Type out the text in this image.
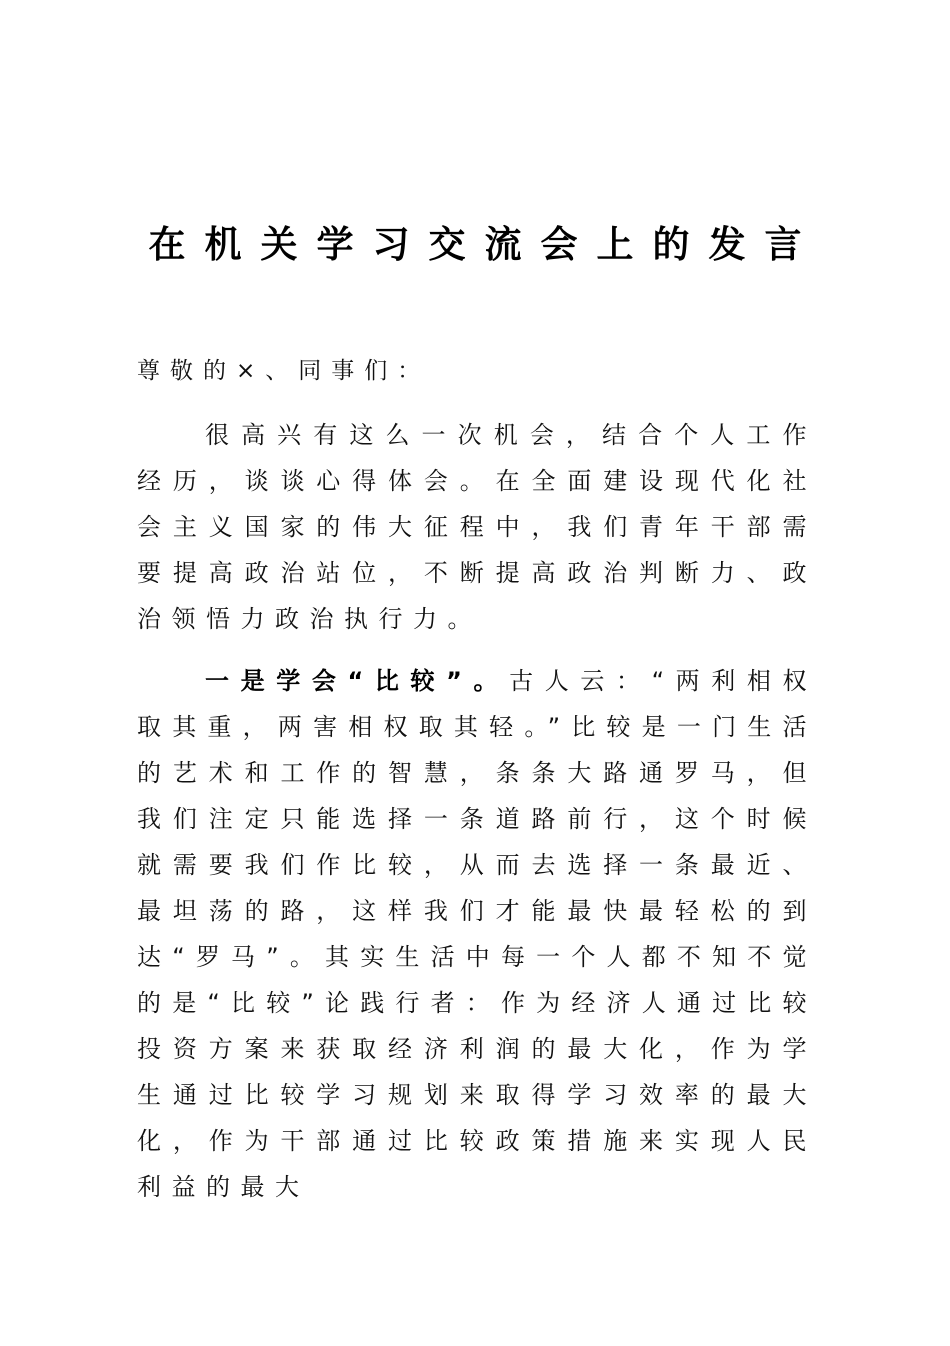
在机关学习交流会上的发言
尊敬的×、同事们：
很高兴有这么一次机会，结合个人工作经历，谈谈心得体会。在全面建设现代化社会主义国家的伟大征程中，我们青年干部需要提高政治站位，不断提高政治判断力、政治领悟力政治执行力。
一是学会“比较”。古人云：“两利相权取其重，两害相权取其轻。”比较是一门生活的艺术和工作的智慧，条条大路通罗马，但我们注定只能选择一条道路前行，这个时候就需要我们作比较，从而去选择一条最近、最坦荡的路，这样我们才能最快最轻松的到达“罗马”。其实生活中每一个人都不知不觉的是“比较”论践行者：作为经济人通过比较投资方案来获取经济利润的最大化，作为学生通过比较学习规划来取得学习效率的最大化，作为干部通过比较政策措施来实现人民利益的最大
